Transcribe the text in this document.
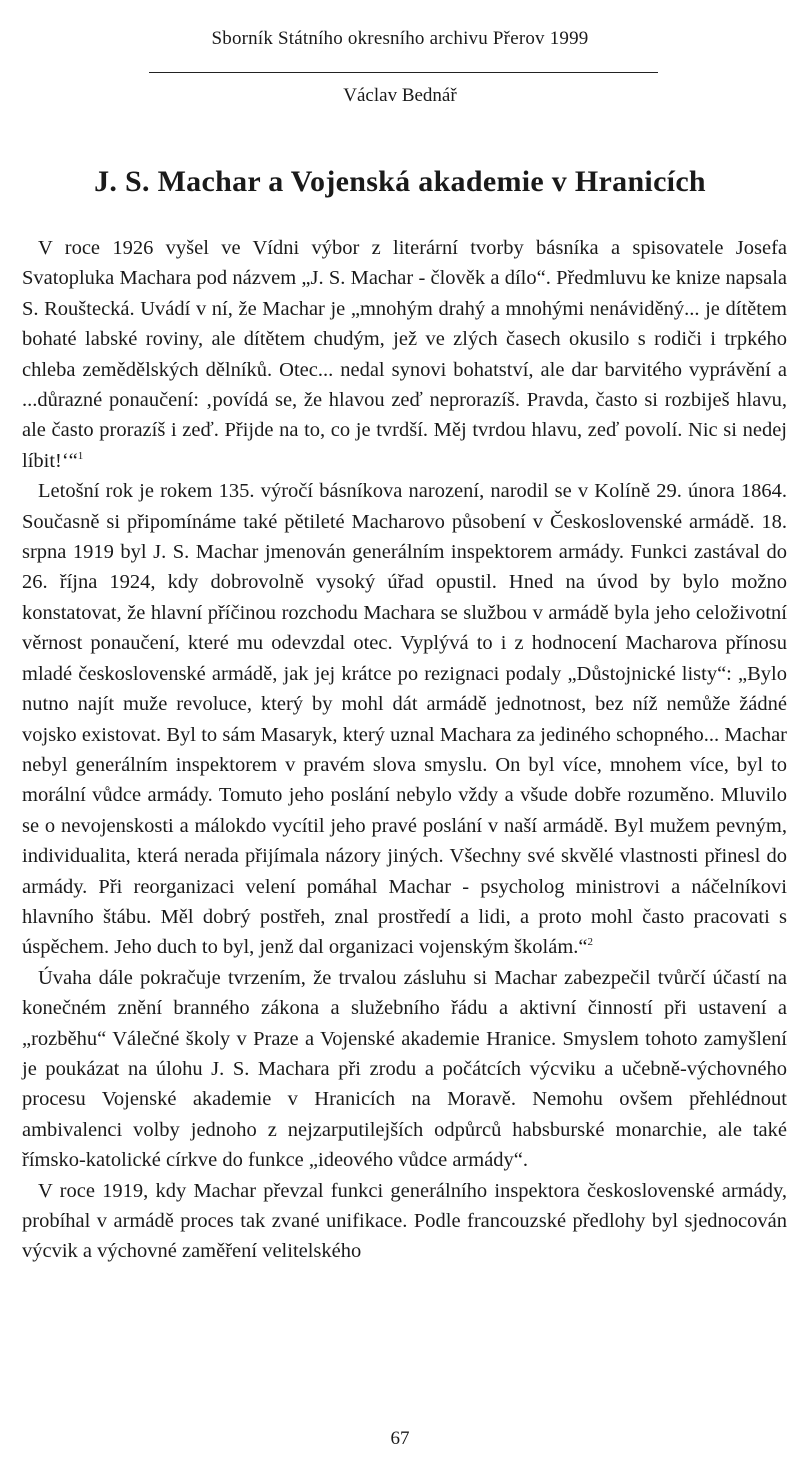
Sborník Státního okresního archivu Přerov 1999
Václav Bednář
J. S. Machar a Vojenská akademie v Hranicích

V roce 1926 vyšel ve Vídni výbor z literární tvorby básníka a spisovatele Josefa Svatopluka Machara pod názvem „J. S. Machar - člověk a dílo“. Předmluvu ke knize napsala S. Rouštecká. Uvádí v ní, že Machar je „mnohým drahý a mnohými nenáviděný... je dítětem bohaté labské roviny, ale dítětem chudým, jež ve zlých časech okusilo s rodiči i trpkého chleba zemědělských dělníků. Otec... nedal synovi bohatství, ale dar barvitého vyprávění a ...důrazné ponaučení: ‚povídá se, že hlavou zeď neprorazíš. Pravda, často si rozbiješ hlavu, ale často prorazíš i zeď. Přijde na to, co je tvrdší. Měj tvrdou hlavu, zeď povolí. Nic si nedej líbit!‘“$^1$

Letošní rok je rokem 135. výročí básníkova narození, narodil se v Kolíně 29. února 1864. Současně si připomínáme také pětileté Macharovo působení v Československé armádě. 18. srpna 1919 byl J. S. Machar jmenován generálním inspektorem armády. Funkci zastával do 26. října 1924, kdy dobrovolně vysoký úřad opustil. Hned na úvod by bylo možno konstatovat, že hlavní příčinou rozchodu Machara se službou v armádě byla jeho celoživotní věrnost ponaučení, které mu odevzdal otec. Vyplývá to i z hodnocení Macharova přínosu mladé československé armádě, jak jej krátce po rezignaci podaly „Důstojnické listy“: „Bylo nutno najít muže revoluce, který by mohl dát armádě jednotnost, bez níž nemůže žádné vojsko existovat. Byl to sám Masaryk, který uznal Machara za jediného schopného... Machar nebyl generálním inspektorem v pravém slova smyslu. On byl více, mnohem více, byl to morální vůdce armády. Tomuto jeho poslání nebylo vždy a všude dobře rozuměno. Mluvilo se o nevojenskosti a málokdo vycítil jeho pravé poslání v naší armádě. Byl mužem pevným, individualita, která nerada přijímala názory jiných. Všechny své skvělé vlastnosti přinesl do armády. Při reorganizaci velení pomáhal Machar - psycholog ministrovi a náčelníkovi hlavního štábu. Měl dobrý postřeh, znal prostředí a lidi, a proto mohl často pracovati s úspěchem. Jeho duch to byl, jenž dal organizaci vojenským školám.“$^2$

Úvaha dále pokračuje tvrzením, že trvalou zásluhu si Machar zabezpečil tvůrčí účastí na konečném znění branného zákona a služebního řádu a aktivní činností při ustavení a „rozběhu“ Válečné školy v Praze a Vojenské akademie Hranice. Smyslem tohoto zamyšlení je poukázat na úlohu J. S. Machara při zrodu a počátcích výcviku a učebně-výchovného procesu Vojenské akademie v Hranicích na Moravě. Nemohu ovšem přehlédnout ambivalenci volby jednoho z nejzarputilejších odpůrců habsburské monarchie, ale také římsko-katolické církve do funkce „ideového vůdce armády“.

V roce 1919, kdy Machar převzal funkci generálního inspektora československé armády, probíhal v armádě proces tak zvané unifikace. Podle francouzské předlohy byl sjednocován výcvik a výchovné zaměření velitelského

67
